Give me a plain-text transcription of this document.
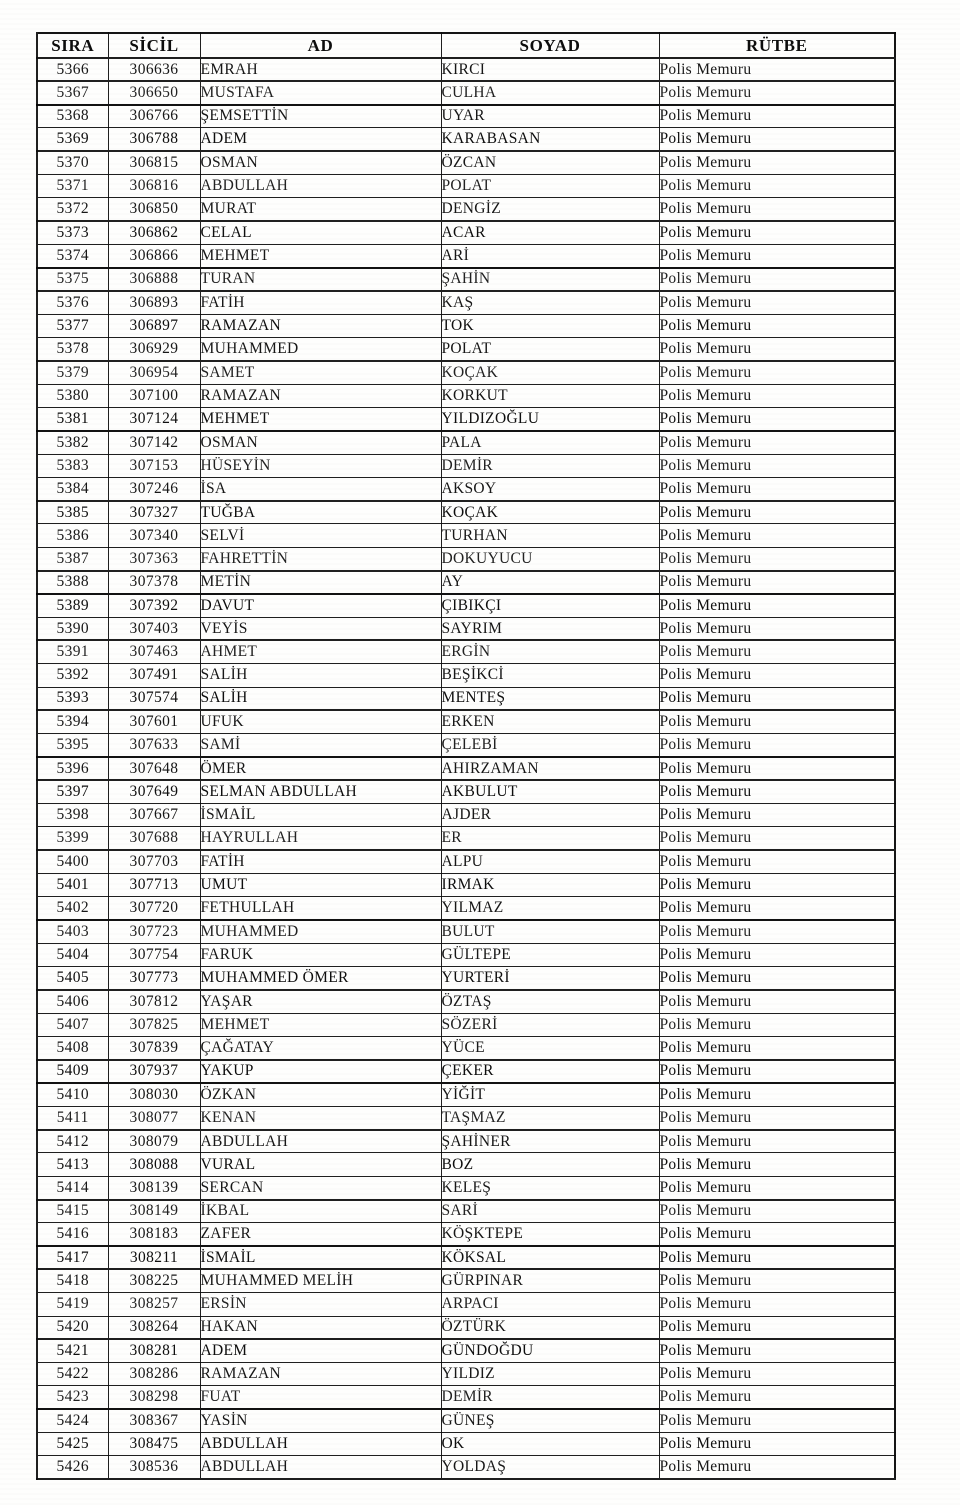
SIRA	SİCİL	AD	SOYAD	RÜTBE
5366	306636	EMRAH	KIRCI	Polis Memuru
5367	306650	MUSTAFA	CULHA	Polis Memuru
5368	306766	ŞEMSETTİN	UYAR	Polis Memuru
5369	306788	ADEM	KARABASAN	Polis Memuru
5370	306815	OSMAN	ÖZCAN	Polis Memuru
5371	306816	ABDULLAH	POLAT	Polis Memuru
5372	306850	MURAT	DENGİZ	Polis Memuru
5373	306862	CELAL	ACAR	Polis Memuru
5374	306866	MEHMET	ARİ	Polis Memuru
5375	306888	TURAN	ŞAHİN	Polis Memuru
5376	306893	FATİH	KAŞ	Polis Memuru
5377	306897	RAMAZAN	TOK	Polis Memuru
5378	306929	MUHAMMED	POLAT	Polis Memuru
5379	306954	SAMET	KOÇAK	Polis Memuru
5380	307100	RAMAZAN	KORKUT	Polis Memuru
5381	307124	MEHMET	YILDIZOĞLU	Polis Memuru
5382	307142	OSMAN	PALA	Polis Memuru
5383	307153	HÜSEYİN	DEMİR	Polis Memuru
5384	307246	İSA	AKSOY	Polis Memuru
5385	307327	TUĞBA	KOÇAK	Polis Memuru
5386	307340	SELVİ	TURHAN	Polis Memuru
5387	307363	FAHRETTİN	DOKUYUCU	Polis Memuru
5388	307378	METİN	AY	Polis Memuru
5389	307392	DAVUT	ÇIBIKÇI	Polis Memuru
5390	307403	VEYİS	SAYRIM	Polis Memuru
5391	307463	AHMET	ERGİN	Polis Memuru
5392	307491	SALİH	BEŞİKCİ	Polis Memuru
5393	307574	SALİH	MENTEŞ	Polis Memuru
5394	307601	UFUK	ERKEN	Polis Memuru
5395	307633	SAMİ	ÇELEBİ	Polis Memuru
5396	307648	ÖMER	AHIRZAMAN	Polis Memuru
5397	307649	SELMAN ABDULLAH	AKBULUT	Polis Memuru
5398	307667	İSMAİL	AJDER	Polis Memuru
5399	307688	HAYRULLAH	ER	Polis Memuru
5400	307703	FATİH	ALPU	Polis Memuru
5401	307713	UMUT	IRMAK	Polis Memuru
5402	307720	FETHULLAH	YILMAZ	Polis Memuru
5403	307723	MUHAMMED	BULUT	Polis Memuru
5404	307754	FARUK	GÜLTEPE	Polis Memuru
5405	307773	MUHAMMED ÖMER	YURTERİ	Polis Memuru
5406	307812	YAŞAR	ÖZTAŞ	Polis Memuru
5407	307825	MEHMET	SÖZERİ	Polis Memuru
5408	307839	ÇAĞATAY	YÜCE	Polis Memuru
5409	307937	YAKUP	ÇEKER	Polis Memuru
5410	308030	ÖZKAN	YİĞİT	Polis Memuru
5411	308077	KENAN	TAŞMAZ	Polis Memuru
5412	308079	ABDULLAH	ŞAHİNER	Polis Memuru
5413	308088	VURAL	BOZ	Polis Memuru
5414	308139	SERCAN	KELEŞ	Polis Memuru
5415	308149	İKBAL	SARİ	Polis Memuru
5416	308183	ZAFER	KÖŞKTEPE	Polis Memuru
5417	308211	İSMAİL	KÖKSAL	Polis Memuru
5418	308225	MUHAMMED MELİH	GÜRPINAR	Polis Memuru
5419	308257	ERSİN	ARPACI	Polis Memuru
5420	308264	HAKAN	ÖZTÜRK	Polis Memuru
5421	308281	ADEM	GÜNDOĞDU	Polis Memuru
5422	308286	RAMAZAN	YILDIZ	Polis Memuru
5423	308298	FUAT	DEMİR	Polis Memuru
5424	308367	YASİN	GÜNEŞ	Polis Memuru
5425	308475	ABDULLAH	OK	Polis Memuru
5426	308536	ABDULLAH	YOLDAŞ	Polis Memuru
